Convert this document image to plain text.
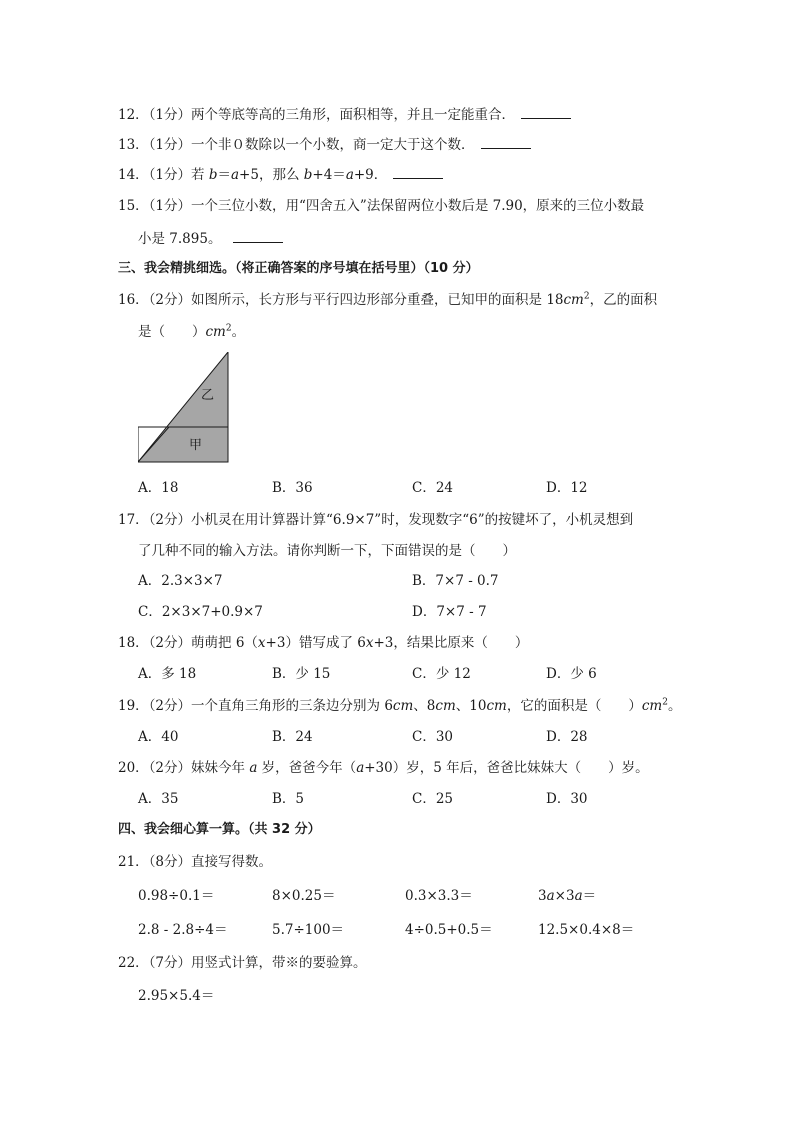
12．（1分）两个等底等高的三角形，面积相等，并且一定能重合．
13．（1分）一个非０数除以一个小数，商一定大于这个数．
14．（1分）若 b＝a+5，那么 b+4＝a+9．
15．（1分）一个三位小数，用“四舍五入”法保留两位小数后是 7.90，原来的三位小数最
小是 7.895。
三、我会精挑细选。（将正确答案的序号填在括号里）（10 分）
16．（2分）如图所示，长方形与平行四边形部分重叠，已知甲的面积是 $18cm^2$，乙的面积
是（　　）$cm^2$。
乙
甲
A．18	B．36	C．24	D．12
17．（2分）小机灵在用计算器计算“6.9×7”时，发现数字“6”的按键坏了，小机灵想到
了几种不同的输入方法。请你判断一下，下面错误的是（　　）
A．2.3×3×7	B．7×7 - 0.7
C．2×3×7+0.9×7	D．7×7 - 7
18．（2分）萌萌把 6（x+3）错写成了 6x+3，结果比原来（　　）
A．多 18	B．少 15	C．少 12	D．少 6
19．（2分）一个直角三角形的三条边分别为 6cm、8cm、10cm，它的面积是（　　）$cm^2$。
A．40	B．24	C．30	D．28
20．（2分）妹妹今年 a 岁，爸爸今年（a+30）岁，5 年后，爸爸比妹妹大（　　）岁。
A．35	B．5	C．25	D．30
四、我会细心算一算。（共 32 分）
21．（8分）直接写得数。
0.98÷0.1＝	8×0.25＝	0.3×3.3＝	3a×3a＝
2.8 - 2.8÷4＝	5.7÷100＝	4÷0.5+0.5＝	12.5×0.4×8＝
22．（7分）用竖式计算，带※的要验算。
2.95×5.4＝
